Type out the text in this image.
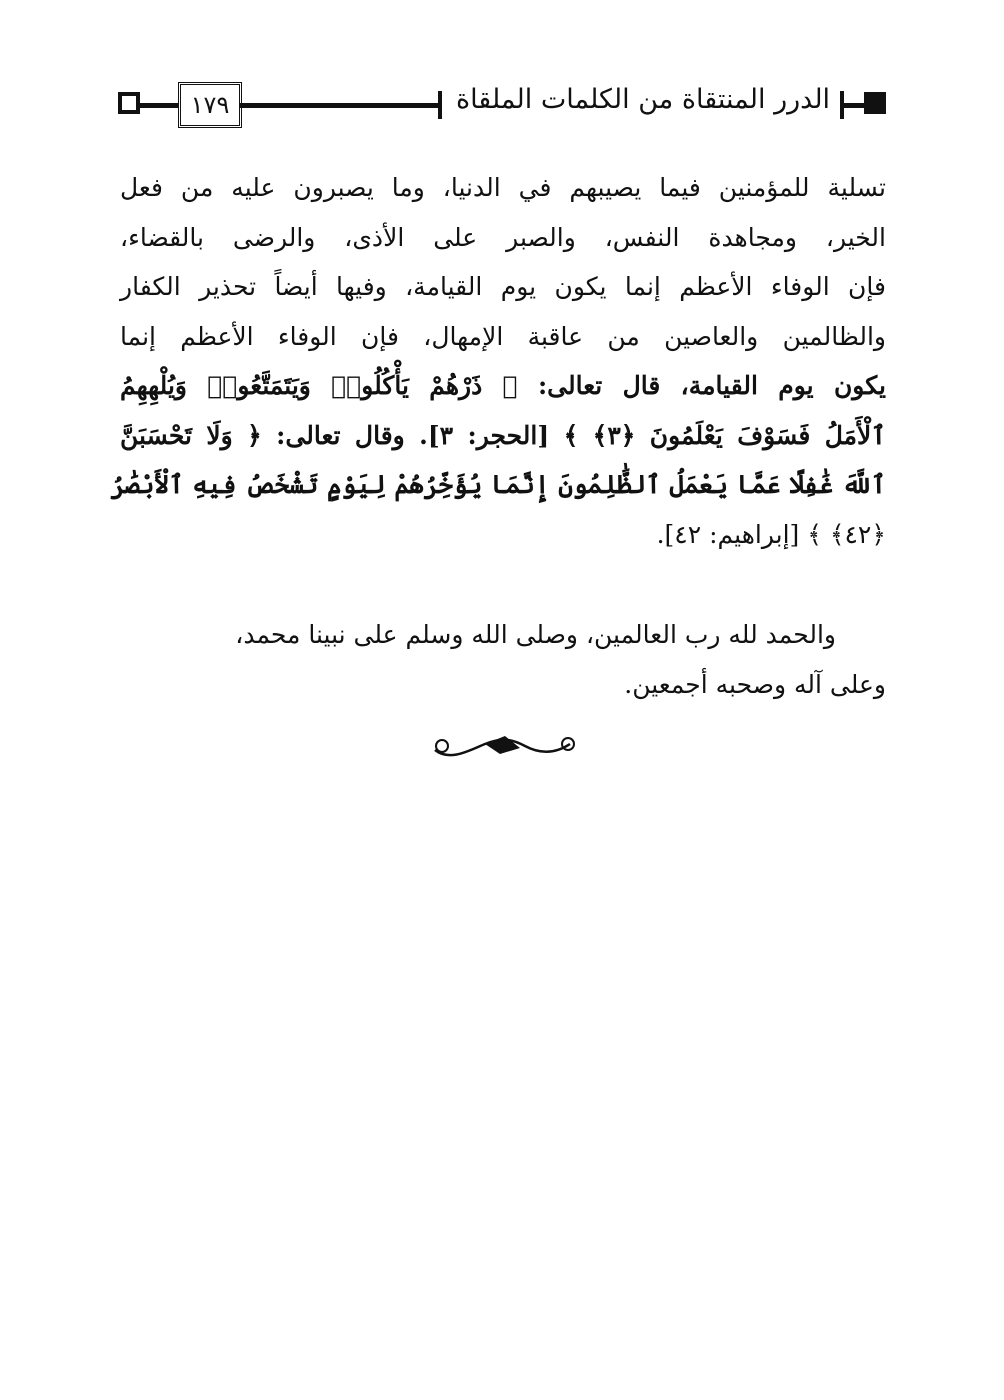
١٧٩	الدرر المنتقاة من الكلمات الملقاة
تسلية للمؤمنين فيما يصيبهم في الدنيا، وما يصبرون عليه من فعل
الخير، ومجاهدة النفس، والصبر على الأذى، والرضى بالقضاء،
فإن الوفاء الأعظم إنما يكون يوم القيامة، وفيها أيضاً تحذير الكفار
والظالمين والعاصين من عاقبة الإمهال، فإن الوفاء الأعظم إنما
يكون يوم القيامة، قال تعالى: ﴿ ذَرْهُمْ يَأْكُلُوا۟ وَيَتَمَتَّعُوا۟ وَيُلْهِهِمُ
ٱلْأَمَلُ فَسَوْفَ يَعْلَمُونَ ﴿٣﴾ ﴾ [الحجر: ٣]. وقال تعالى: ﴿ وَلَا تَحْسَبَنَّ
ٱللَّهَ غَٰفِلًا عَمَّا يَعْمَلُ ٱلظَّٰلِمُونَ إِنَّمَا يُؤَخِّرُهُمْ لِيَوْمٍ تَشْخَصُ فِيهِ ٱلْأَبْصَٰرُ
﴿٤٢﴾ ﴾ [إبراهيم: ٤٢].
والحمد لله رب العالمين، وصلى الله وسلم على نبينا محمد،
وعلى آله وصحبه أجمعين.
